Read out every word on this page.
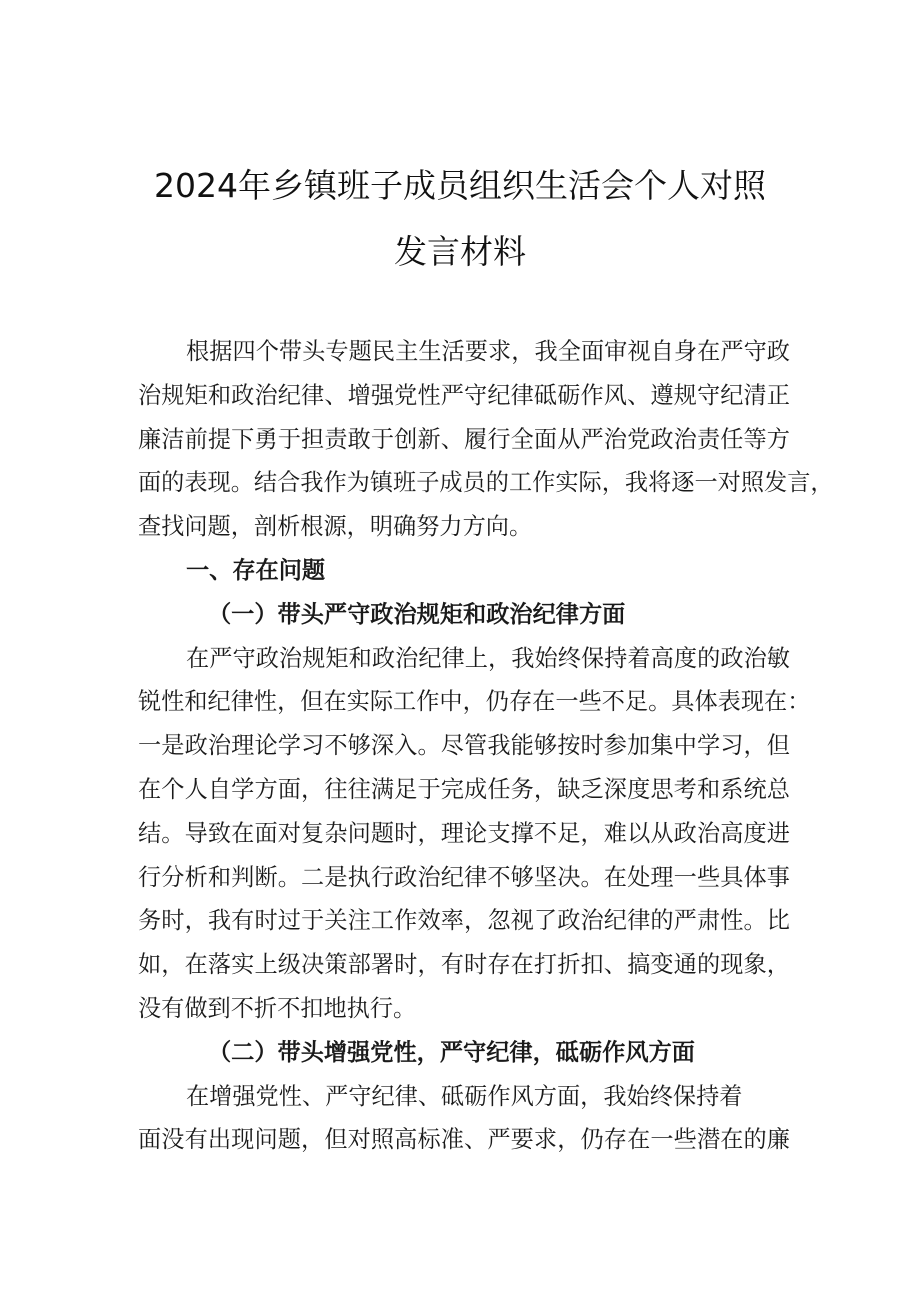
2024年乡镇班子成员组织生活会个人对照
发言材料
根据四个带头专题民主生活要求，我全面审视自身在严守政
治规矩和政治纪律、增强党性严守纪律砥砺作风、遵规守纪清正
廉洁前提下勇于担责敢于创新、履行全面从严治党政治责任等方
面的表现。结合我作为镇班子成员的工作实际，我将逐一对照发言，
查找问题，剖析根源，明确努力方向。
一、存在问题
（一）带头严守政治规矩和政治纪律方面
在严守政治规矩和政治纪律上，我始终保持着高度的政治敏
锐性和纪律性，但在实际工作中，仍存在一些不足。具体表现在：
一是政治理论学习不够深入。尽管我能够按时参加集中学习，但
在个人自学方面，往往满足于完成任务，缺乏深度思考和系统总
结。导致在面对复杂问题时，理论支撑不足，难以从政治高度进
行分析和判断。二是执行政治纪律不够坚决。在处理一些具体事
务时，我有时过于关注工作效率，忽视了政治纪律的严肃性。比
如，在落实上级决策部署时，有时存在打折扣、搞变通的现象，
没有做到不折不扣地执行。
（二）带头增强党性，严守纪律，砥砺作风方面
在增强党性、严守纪律、砥砺作风方面，我始终保持着
面没有出现问题，但对照高标准、严要求，仍存在一些潜在的廉
